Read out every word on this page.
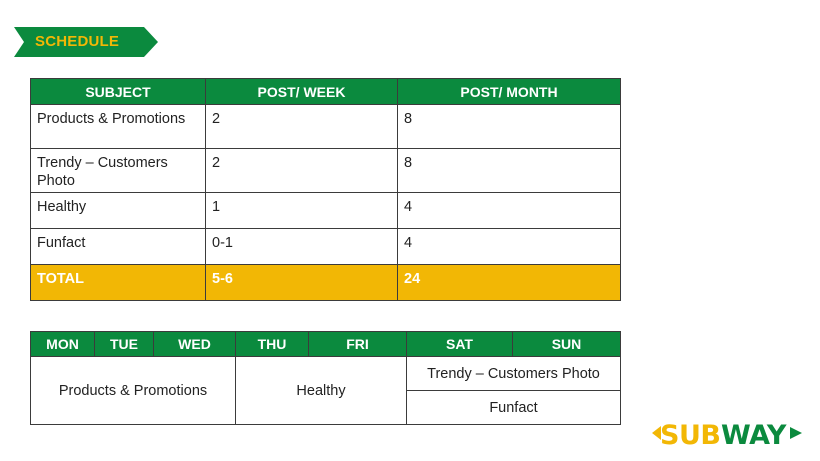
SCHEDULE
SUBJECT	POST/ WEEK	POST/ MONTH
Products & Promotions	2	8
Trendy – Customers Photo	2	8
Healthy	1	4
Funfact	0-1	4
TOTAL	5-6	24
MON	TUE	WED	THU	FRI	SAT	SUN
Products & Promotions			Healthy		Trendy – Customers Photo	
					Funfact	
SUB WAY
